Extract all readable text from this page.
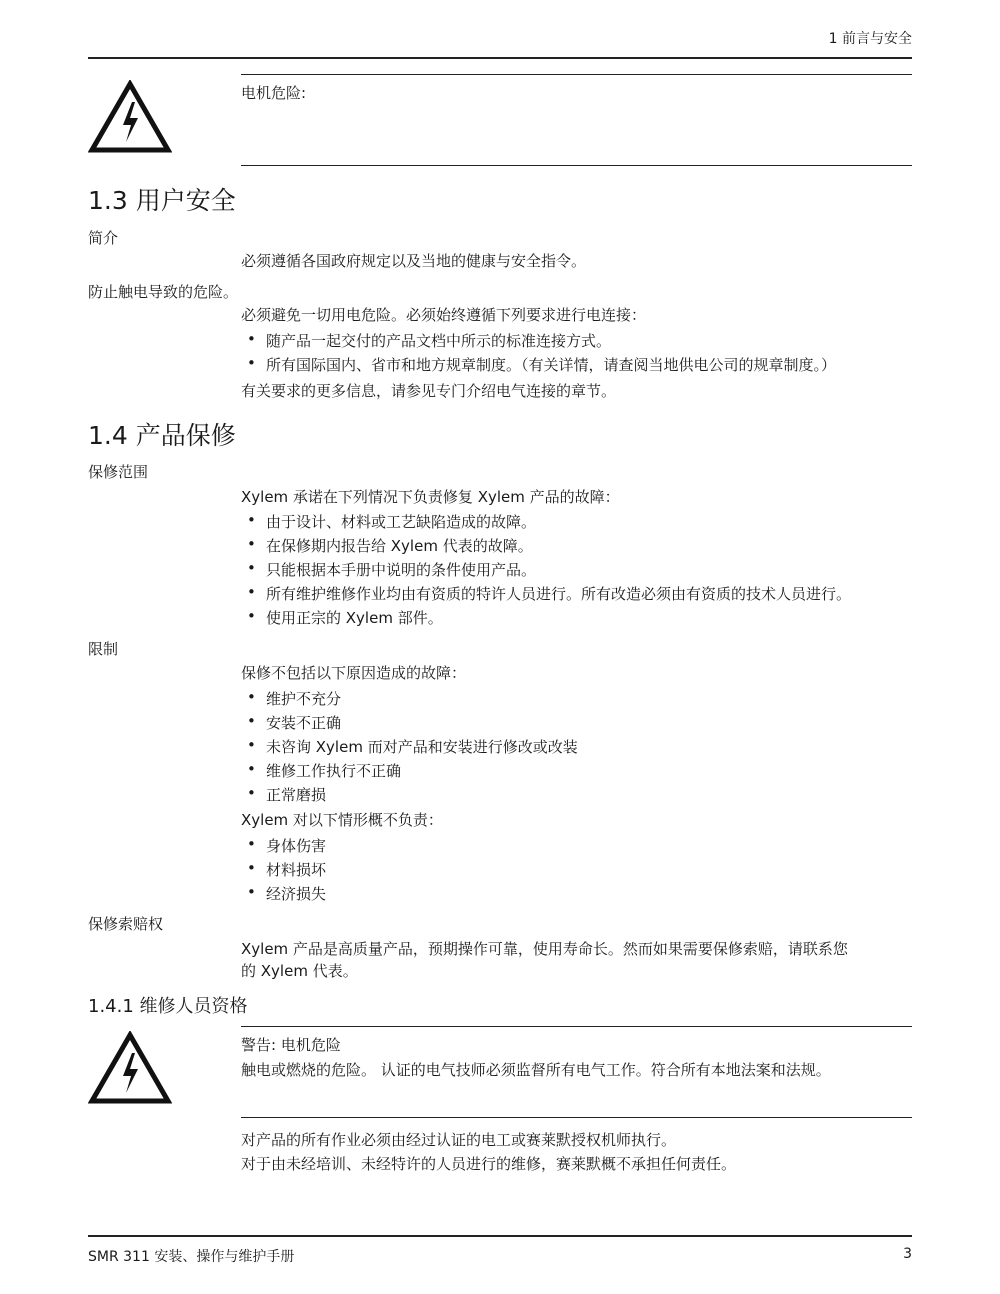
1 前言与安全
电机危险:
1.3 用户安全
简介
必须遵循各国政府规定以及当地的健康与安全指令。
防止触电导致的危险。
必须避免一切用电危险。必须始终遵循下列要求进行电连接：
• 随产品一起交付的产品文档中所示的标准连接方式。
• 所有国际国内、省市和地方规章制度。（有关详情，请查阅当地供电公司的规章制度。）
有关要求的更多信息，请参见专门介绍电气连接的章节。
1.4 产品保修
保修范围
Xylem 承诺在下列情况下负责修复 Xylem 产品的故障：
• 由于设计、材料或工艺缺陷造成的故障。
• 在保修期内报告给 Xylem 代表的故障。
• 只能根据本手册中说明的条件使用产品。
• 所有维护维修作业均由有资质的特许人员进行。所有改造必须由有资质的技术人员进行。
• 使用正宗的 Xylem 部件。
限制
保修不包括以下原因造成的故障：
• 维护不充分
• 安装不正确
• 未咨询 Xylem 而对产品和安装进行修改或改装
• 维修工作执行不正确
• 正常磨损
Xylem 对以下情形概不负责：
• 身体伤害
• 材料损坏
• 经济损失
保修索赔权
Xylem 产品是高质量产品，预期操作可靠，使用寿命长。然而如果需要保修索赔，请联系您
的 Xylem 代表。
1.4.1 维修人员资格
警告: 电机危险
触电或燃烧的危险。 认证的电气技师必须监督所有电气工作。符合所有本地法案和法规。
对产品的所有作业必须由经过认证的电工或赛莱默授权机师执行。
对于由未经培训、未经特许的人员进行的维修，赛莱默概不承担任何责任。
SMR 311 安装、操作与维护手册	3
